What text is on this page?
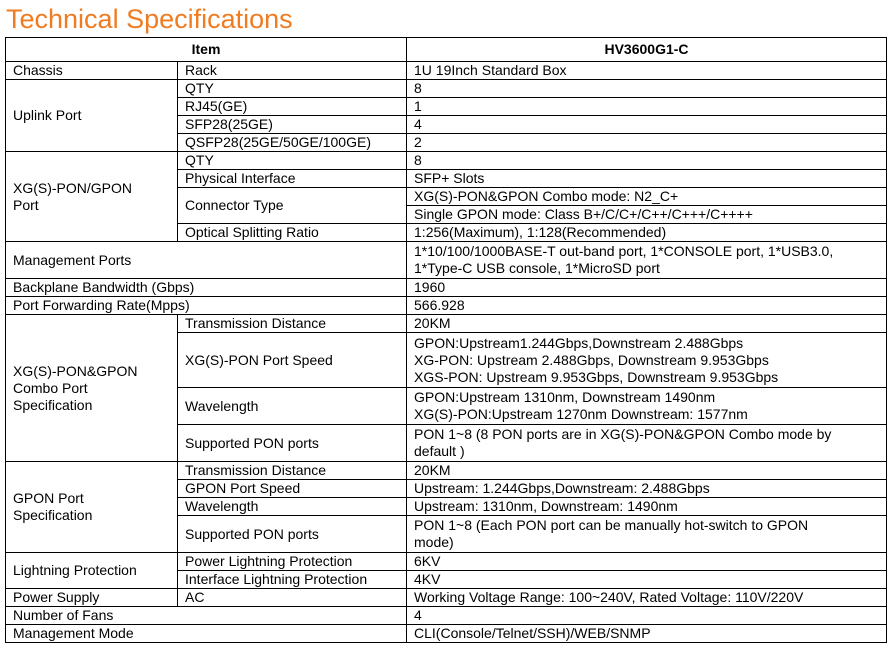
Technical Specifications
Item		HV3600G1-C
Chassis	Rack	1U 19Inch Standard Box
Uplink Port	QTY	8
	RJ45(GE)	1
	SFP28(25GE)	4
	QSFP28(25GE/50GE/100GE)	2

XG(S)-PON/GPON
Port	QTY	8
	Physical Interface	SFP+ Slots
	Connector Type	XG(S)-PON&GPON Combo mode: N2_C+
		Single GPON mode: Class B+/C/C+/C++/C+++/C++++
	Optical Splitting Ratio	1:256(Maximum), 1:128(Recommended)
Management Ports		1*10/100/1000BASE-T out-band port, 1*CONSOLE port, 1*USB3.0,
1*Type-C USB console, 1*MicroSD port

Backplane Bandwidth (Gbps)		1960
Port Forwarding Rate(Mpps)		566.928

XG(S)-PON&GPON
Combo Port
Specification	Transmission Distance	20KM
	XG(S)-PON Port Speed	GPON:Upstream1.244Gbps,Downstream 2.488Gbps
XG-PON: Upstream 2.488Gbps, Downstream 9.953Gbps
XGS-PON: Upstream 9.953Gbps, Downstream 9.953Gbps

	Wavelength	GPON:Upstream 1310nm, Downstream 1490nm
XG(S)-PON:Upstream 1270nm Downstream: 1577nm

	Supported PON ports	PON 1~8 (8 PON ports are in XG(S)-PON&GPON Combo mode by
default )

GPON Port
Specification	Transmission Distance	20KM
	GPON Port Speed	Upstream: 1.244Gbps,Downstream: 2.488Gbps
	Wavelength	Upstream: 1310nm, Downstream: 1490nm
	Supported PON ports	PON 1~8 (Each PON port can be manually hot-switch to GPON
mode)

Lightning Protection	Power Lightning Protection	6KV
	Interface Lightning Protection	4KV
Power Supply	AC	Working Voltage Range: 100~240V, Rated Voltage: 110V/220V
Number of Fans		4
Management Mode		CLI(Console/Telnet/SSH)/WEB/SNMP
